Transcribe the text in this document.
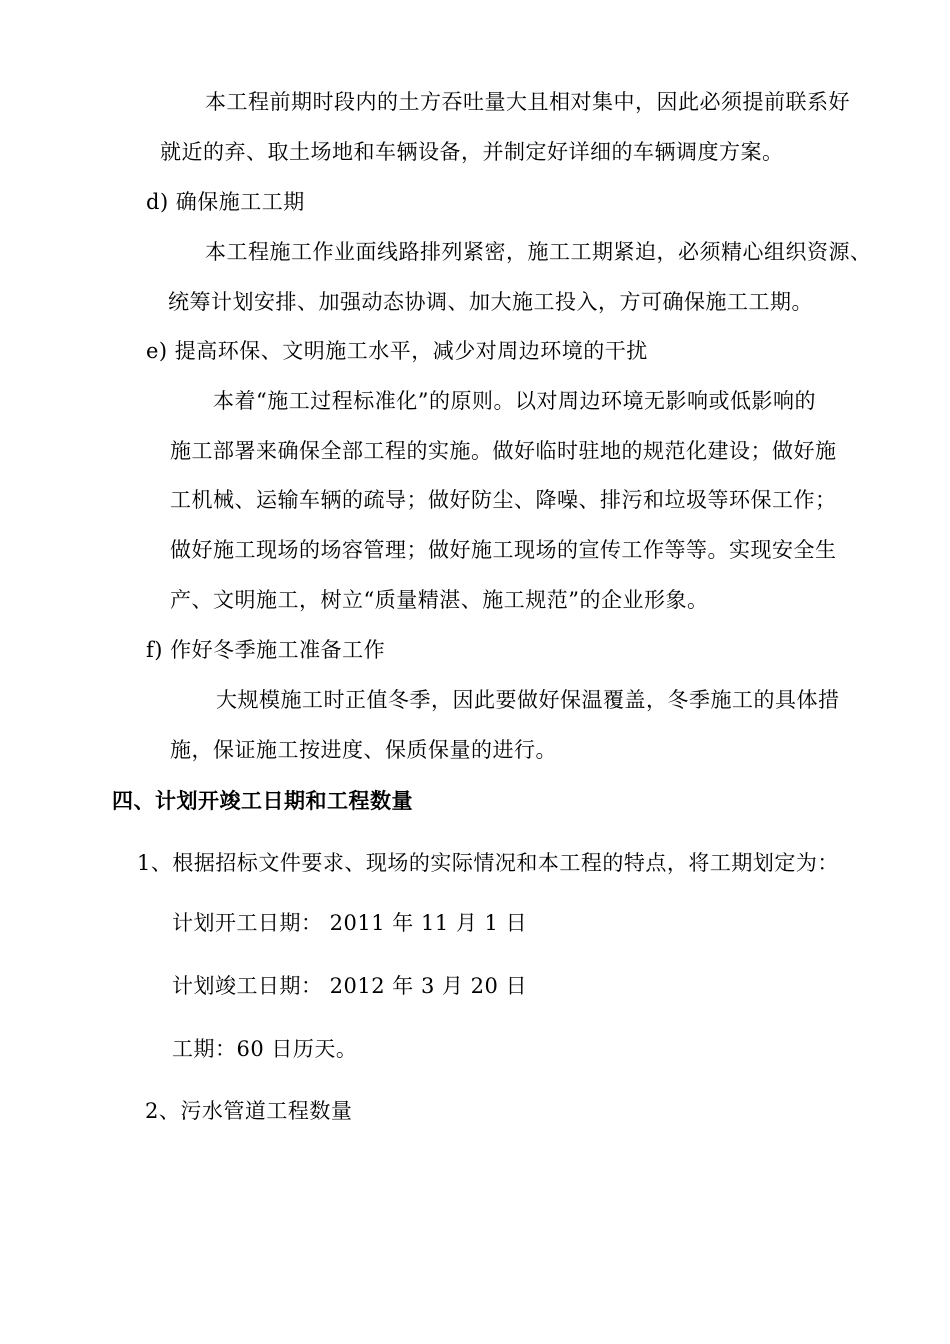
本工程前期时段内的土方吞吐量大且相对集中，因此必须提前联系好
就近的弃、取土场地和车辆设备，并制定好详细的车辆调度方案。
d) 确保施工工期
本工程施工作业面线路排列紧密，施工工期紧迫，必须精心组织资源、
统筹计划安排、加强动态协调、加大施工投入，方可确保施工工期。
e) 提高环保、文明施工水平，减少对周边环境的干扰
本着“施工过程标准化”的原则。以对周边环境无影响或低影响的
施工部署来确保全部工程的实施。做好临时驻地的规范化建设；做好施
工机械、运输车辆的疏导；做好防尘、降噪、排污和垃圾等环保工作；
做好施工现场的场容管理；做好施工现场的宣传工作等等。实现安全生
产、文明施工，树立“质量精湛、施工规范”的企业形象。
f) 作好冬季施工准备工作
大规模施工时正值冬季，因此要做好保温覆盖，冬季施工的具体措
施，保证施工按进度、保质保量的进行。
四、计划开竣工日期和工程数量
1、根据招标文件要求、现场的实际情况和本工程的特点，将工期划定为：
计划开工日期： 2011 年 11 月 1 日
计划竣工日期： 2012 年 3 月 20 日
工期：60 日历天。
2、污水管道工程数量
